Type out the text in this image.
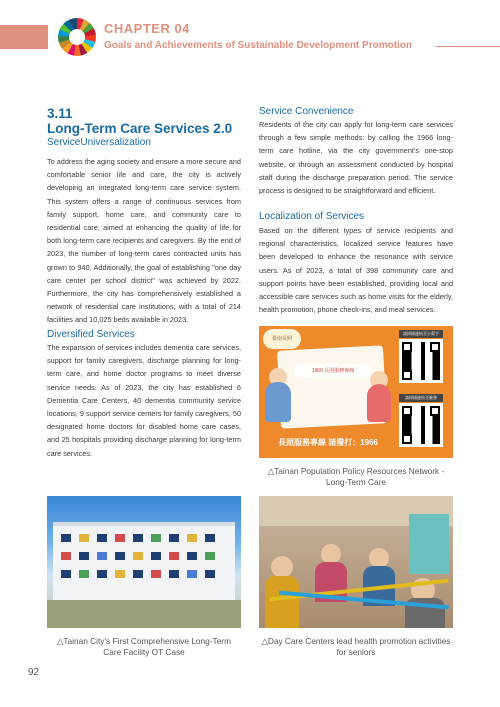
CHAPTER 04
Goals and Achievements of Sustainable Development Promotion
3.11
Long-Term Care Services 2.0
ServiceUniversalization
To address the aging society and ensure a more secure and comfortable senior life and care, the city is actively developing an integrated long-term care service system. This system offers a range of continuous services from family support, home care, and community care to residential care, aimed at enhancing the quality of life for both long-term care recipients and caregivers. By the end of 2023, the number of long-term cares contracted units has grown to 940. Additionally, the goal of establishing "one day care center per school district" was achieved by 2022. Furthermore, the city has comprehensively established a network of residential care institutions, with a total of 214 facilities and 10,025 beds available in 2023.
Diversified Services
The expansion of services includes dementia care services, support for family caregivers, discharge planning for long-term care, and home doctor programs to meet diverse service needs. As of 2023, the city has established 6 Dementia Care Centers, 40 dementia community service locations, 9 support service centers for family caregivers, 50 designated home doctors for disabled home care cases, and 25 hospitals providing discharge planning for long-term care services.
Service Convenience
Residents of the city can apply for long-term care services through a few simple methods: by calling the 1966 long-term care hotline, via the city government's one-stop website, or through an assessment conducted by hospital staff during the discharge preparation period. The service process is designed to be straightforward and efficient.
Localization of Services
Based on the different types of service recipients and regional characteristics, localized service features have been developed to enhance the resonance with service users. As of 2023, a total of 398 community care and support points have been established, providing local and accessible care services such as home visits for the elderly, health promotion, phone check-ins, and meal services.
臺南長照
1966 長照服務專線
長照服務專線 請撥打：1966
請掃描連結至小幫手
請掃描連結至臉書
△Tainan Population Policy Resources Network - Long-Term Care
△Tainan City's First Comprehensive Long-Term Care Facility OT Case
△Day Care Centers lead health promotion activities for seniors
92
